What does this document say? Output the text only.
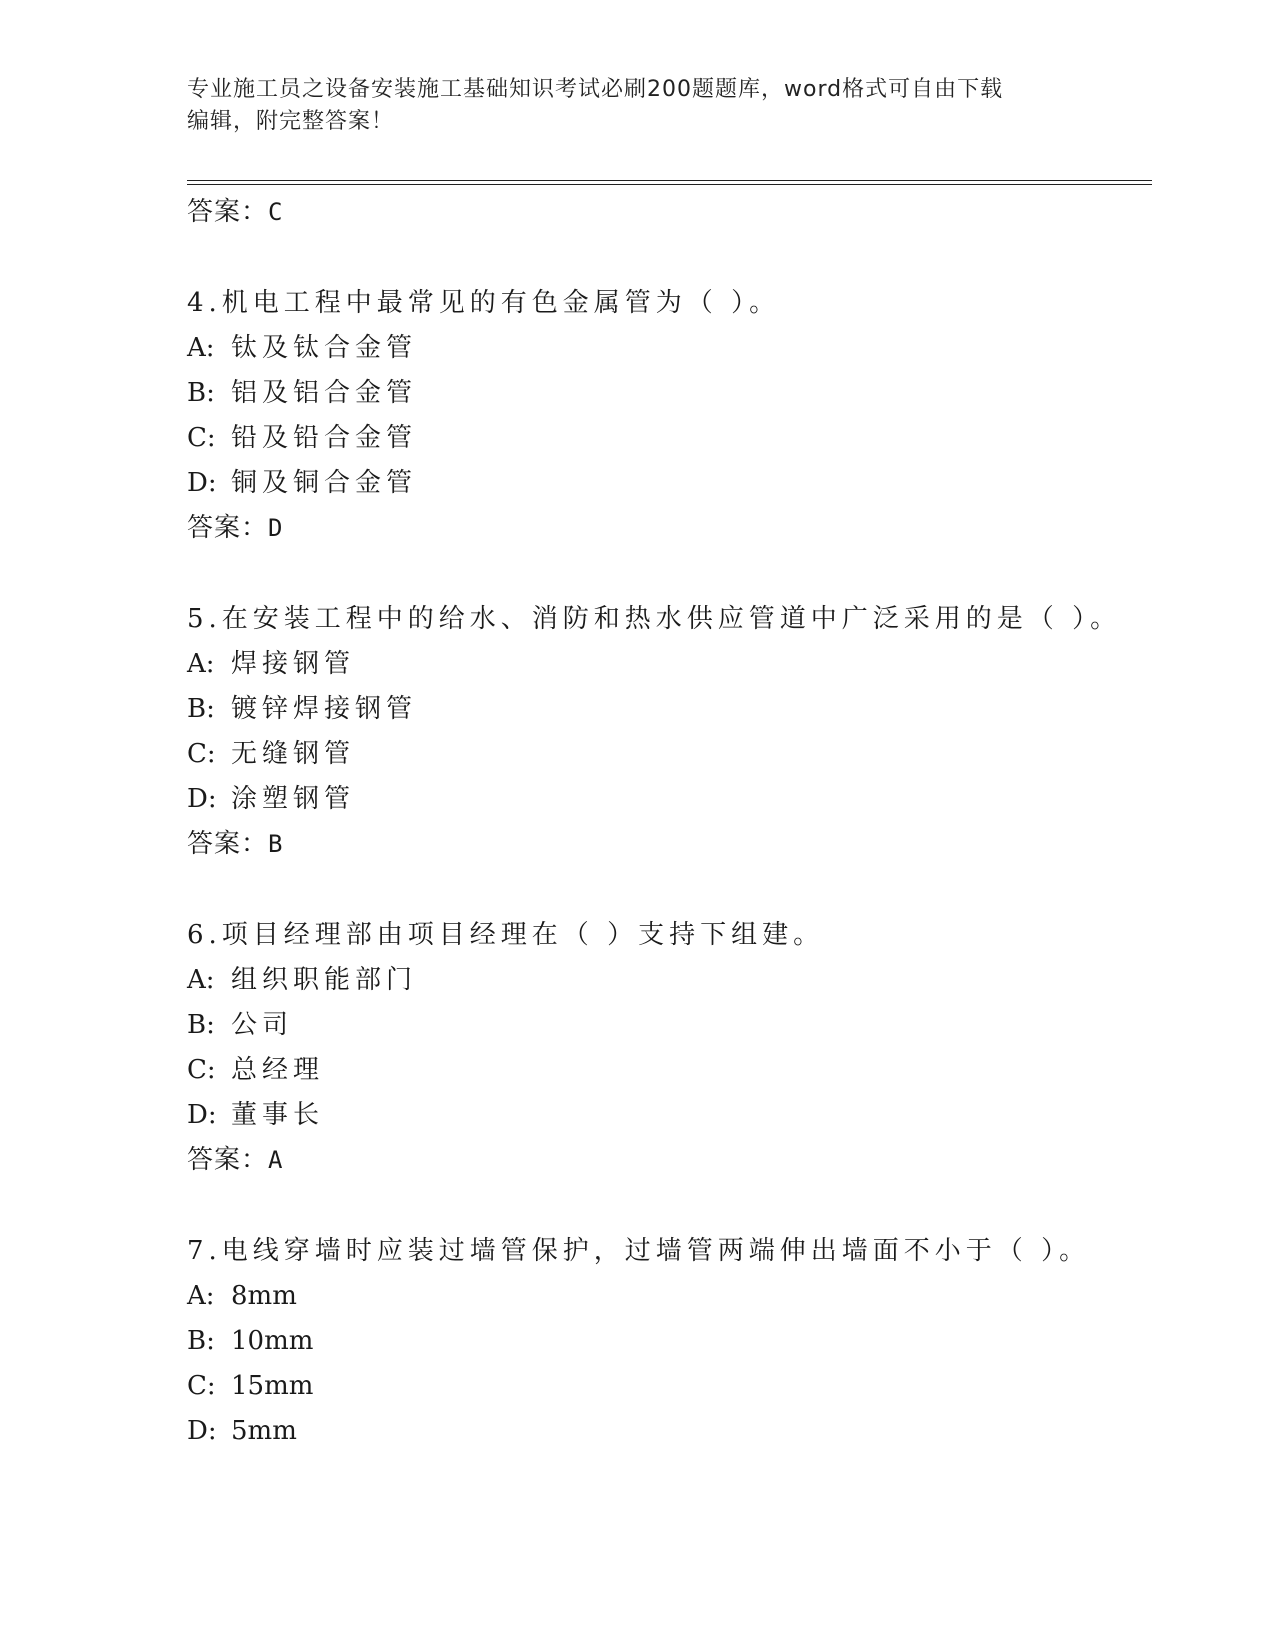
专业施工员之设备安装施工基础知识考试必刷200题题库，word格式可自由下载
编辑，附完整答案！
答案：C
4.机电工程中最常见的有色金属管为（ ）。
A: 钛及钛合金管
B: 铝及铝合金管
C: 铅及铅合金管
D: 铜及铜合金管
答案：D
5.在安装工程中的给水、消防和热水供应管道中广泛采用的是（ ）。
A: 焊接钢管
B: 镀锌焊接钢管
C: 无缝钢管
D: 涂塑钢管
答案：B
6.项目经理部由项目经理在（ ）支持下组建。
A: 组织职能部门
B: 公司
C: 总经理
D: 董事长
答案：A
7.电线穿墙时应装过墙管保护，过墙管两端伸出墙面不小于（ ）。
A: 8mm
B: 10mm
C: 15mm
D: 5mm
